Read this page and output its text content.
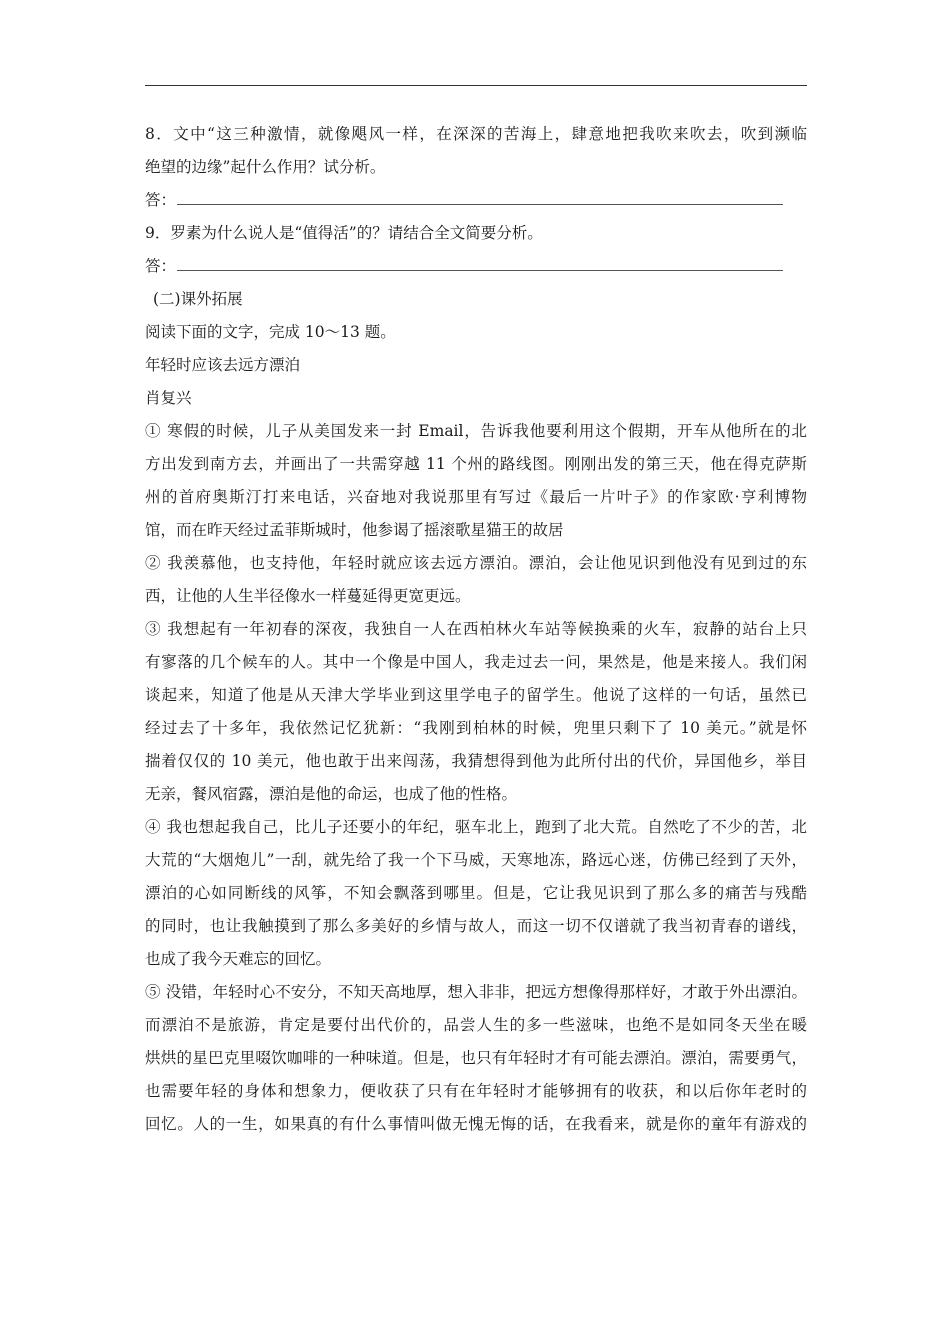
8．文中“这三种激情，就像飓风一样，在深深的苦海上，肆意地把我吹来吹去，吹到濒临
绝望的边缘”起什么作用？试分析。
答：
9．罗素为什么说人是“值得活”的？请结合全文简要分析。
答：
(二)课外拓展
阅读下面的文字，完成 10～13 题。
年轻时应该去远方漂泊
肖复兴
① 寒假的时候，儿子从美国发来一封 Email，告诉我他要利用这个假期，开车从他所在的北
方出发到南方去，并画出了一共需穿越 11 个州的路线图。刚刚出发的第三天，他在得克萨斯
州的首府奥斯汀打来电话，兴奋地对我说那里有写过《最后一片叶子》的作家欧·亨利博物
馆，而在昨天经过孟菲斯城时，他参谒了摇滚歌星猫王的故居
② 我羡慕他，也支持他，年轻时就应该去远方漂泊。漂泊，会让他见识到他没有见到过的东
西，让他的人生半径像水一样蔓延得更宽更远。
③ 我想起有一年初春的深夜，我独自一人在西柏林火车站等候换乘的火车，寂静的站台上只
有寥落的几个候车的人。其中一个像是中国人，我走过去一问，果然是，他是来接人。我们闲
谈起来，知道了他是从天津大学毕业到这里学电子的留学生。他说了这样的一句话，虽然已
经过去了十多年，我依然记忆犹新：“我刚到柏林的时候，兜里只剩下了 10 美元。”就是怀
揣着仅仅的 10 美元，他也敢于出来闯荡，我猜想得到他为此所付出的代价，异国他乡，举目
无亲，餐风宿露，漂泊是他的命运，也成了他的性格。
④ 我也想起我自己，比儿子还要小的年纪，驱车北上，跑到了北大荒。自然吃了不少的苦，北
大荒的“大烟炮儿”一刮，就先给了我一个下马威，天寒地冻，路远心迷，仿佛已经到了天外，
漂泊的心如同断线的风筝，不知会飘落到哪里。但是，它让我见识到了那么多的痛苦与残酷
的同时，也让我触摸到了那么多美好的乡情与故人，而这一切不仅谱就了我当初青春的谱线，
也成了我今天难忘的回忆。
⑤ 没错，年轻时心不安分，不知天高地厚，想入非非，把远方想像得那样好，才敢于外出漂泊。
而漂泊不是旅游，肯定是要付出代价的，品尝人生的多一些滋味，也绝不是如同冬天坐在暖
烘烘的星巴克里啜饮咖啡的一种味道。但是，也只有年轻时才有可能去漂泊。漂泊，需要勇气，
也需要年轻的身体和想象力，便收获了只有在年轻时才能够拥有的收获，和以后你年老时的
回忆。人的一生，如果真的有什么事情叫做无愧无悔的话，在我看来，就是你的童年有游戏的
